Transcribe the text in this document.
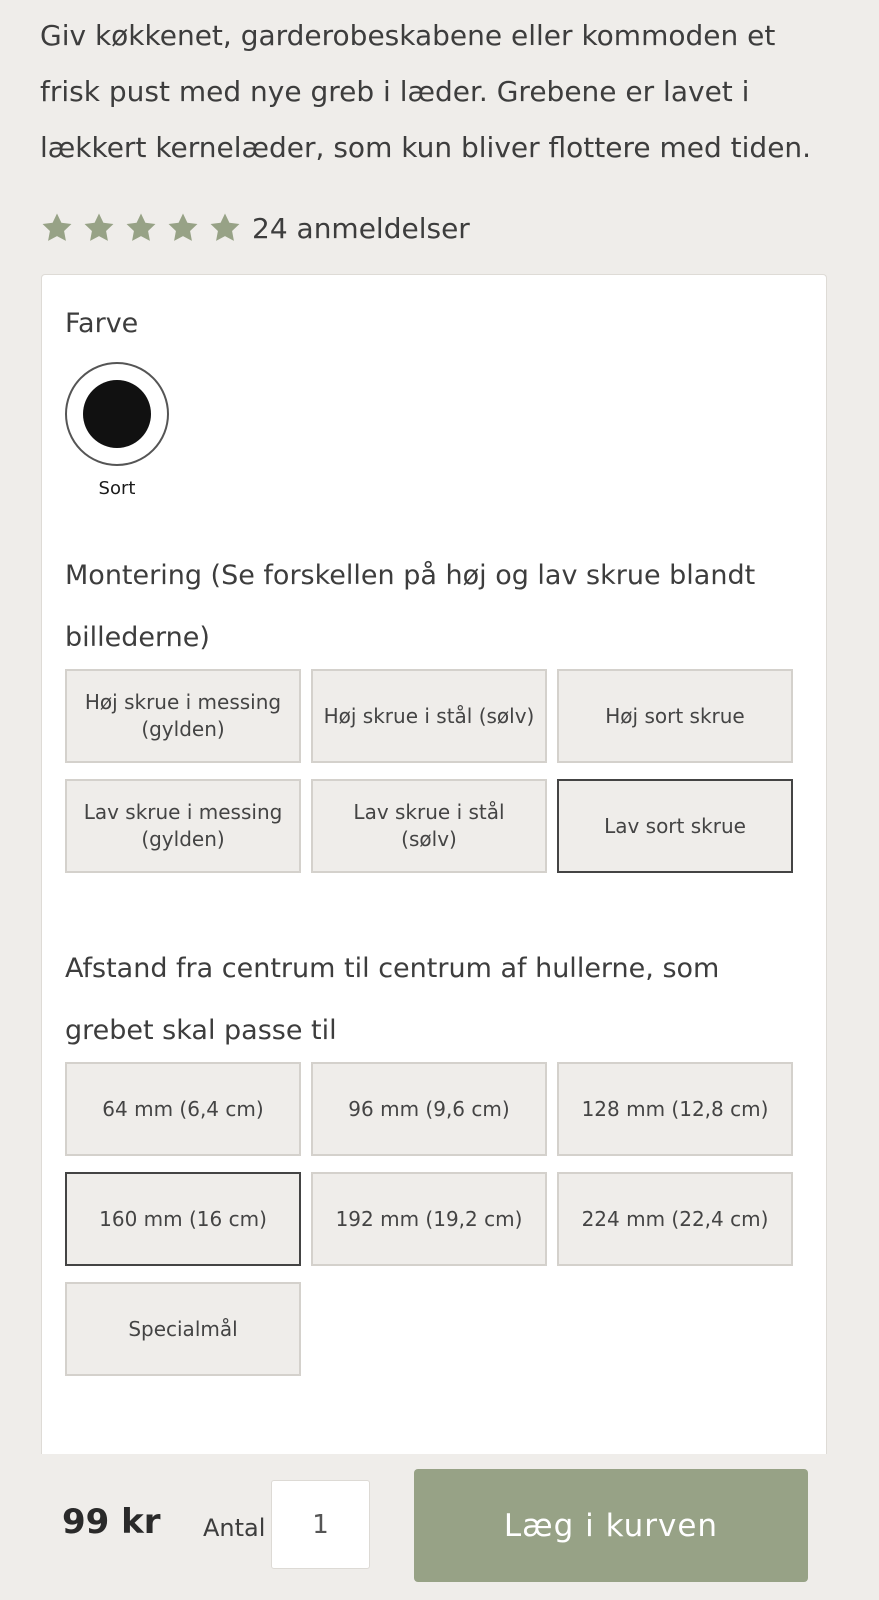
Giv køkkenet, garderobeskabene eller kommoden et frisk pust med nye greb i læder. Grebene er lavet i lækkert kernelæder, som kun bliver flottere med tiden.

24 anmeldelser

Farve

Sort

Montering (Se forskellen på høj og lav skrue blandt billederne)

Høj skrue i messing (gylden)
Høj skrue i stål (sølv)	Høj sort skrue
Lav skrue i messing (gylden)
Lav skrue i stål (sølv)
Lav sort skrue

Afstand fra centrum til centrum af hullerne, som grebet skal passe til

64 mm (6,4 cm)	96 mm (9,6 cm)	128 mm (12,8 cm)
160 mm (16 cm)	192 mm (19,2 cm)	224 mm (22,4 cm)
Specialmål
99 kr Antal
1	Læg i kurven
